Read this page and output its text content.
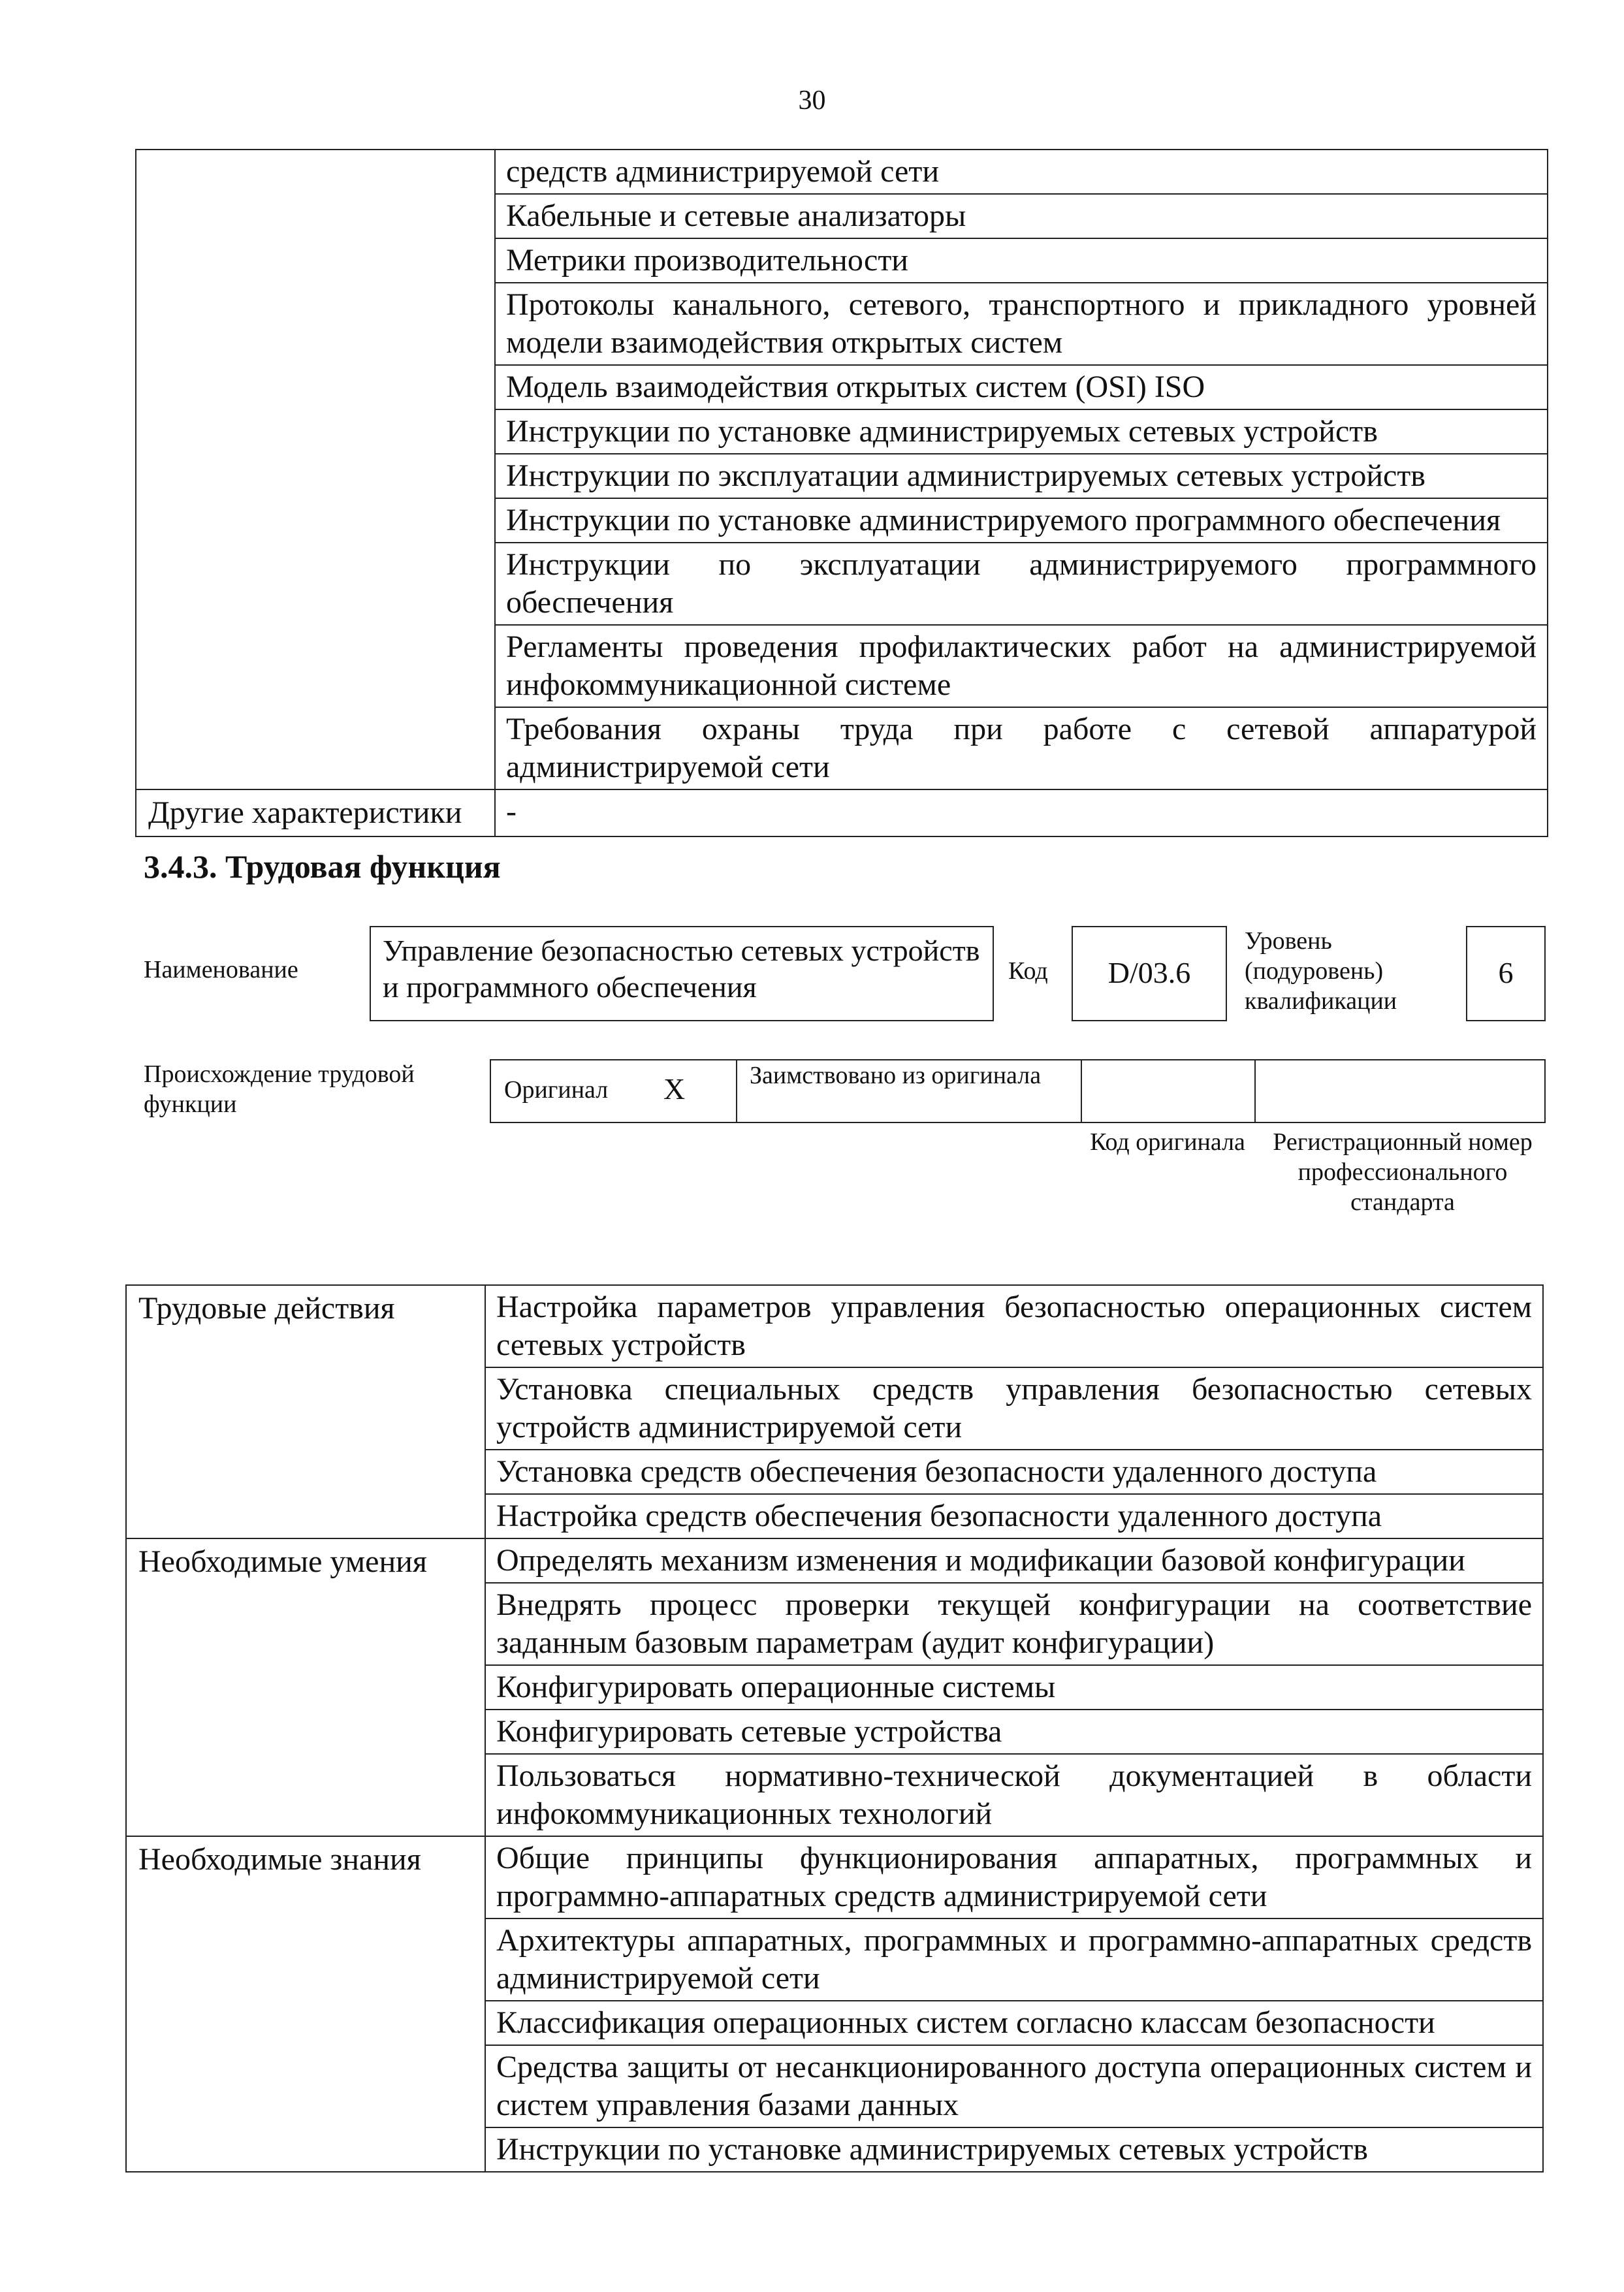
30
	средств администрируемой сети
	Кабельные и сетевые анализаторы
	Метрики производительности
	Протоколы канального, сетевого, транспортного и прикладного уровней модели взаимодействия открытых систем
	Модель взаимодействия открытых систем (OSI) ISO
	Инструкции по установке администрируемых сетевых устройств
	Инструкции по эксплуатации администрируемых сетевых устройств
	Инструкции по установке администрируемого программного обеспечения
	Инструкции по эксплуатации администрируемого программного обеспечения
	Регламенты проведения профилактических работ на администрируемой инфокоммуникационной системе
	Требования охраны труда при работе с сетевой аппаратурой администрируемой сети
Другие характеристики	-
3.4.3. Трудовая функция
Наименование
Управление безопасностью сетевых устройств и программного обеспечения	Код	D/03.6
Уровень (подуровень) квалификации
6
Происхождение трудовой функции
Оригинал X	Заимствовано из оригинала
Код оригинала	Регистрационный номер профессионального стандарта
Трудовые действия	Настройка параметров управления безопасностью операционных систем сетевых устройств
	Установка специальных средств управления безопасностью сетевых устройств администрируемой сети
	Установка средств обеспечения безопасности удаленного доступа
	Настройка средств обеспечения безопасности удаленного доступа
Необходимые умения	Определять механизм изменения и модификации базовой конфигурации
	Внедрять процесс проверки текущей конфигурации на соответствие заданным базовым параметрам (аудит конфигурации)
	Конфигурировать операционные системы
	Конфигурировать сетевые устройства
	Пользоваться нормативно-технической документацией в области инфокоммуникационных технологий
Необходимые знания	Общие принципы функционирования аппаратных, программных и программно-аппаратных средств администрируемой сети
	Архитектуры аппаратных, программных и программно-аппаратных средств администрируемой сети
	Классификация операционных систем согласно классам безопасности
	Средства защиты от несанкционированного доступа операционных систем и систем управления базами данных
	Инструкции по установке администрируемых сетевых устройств
